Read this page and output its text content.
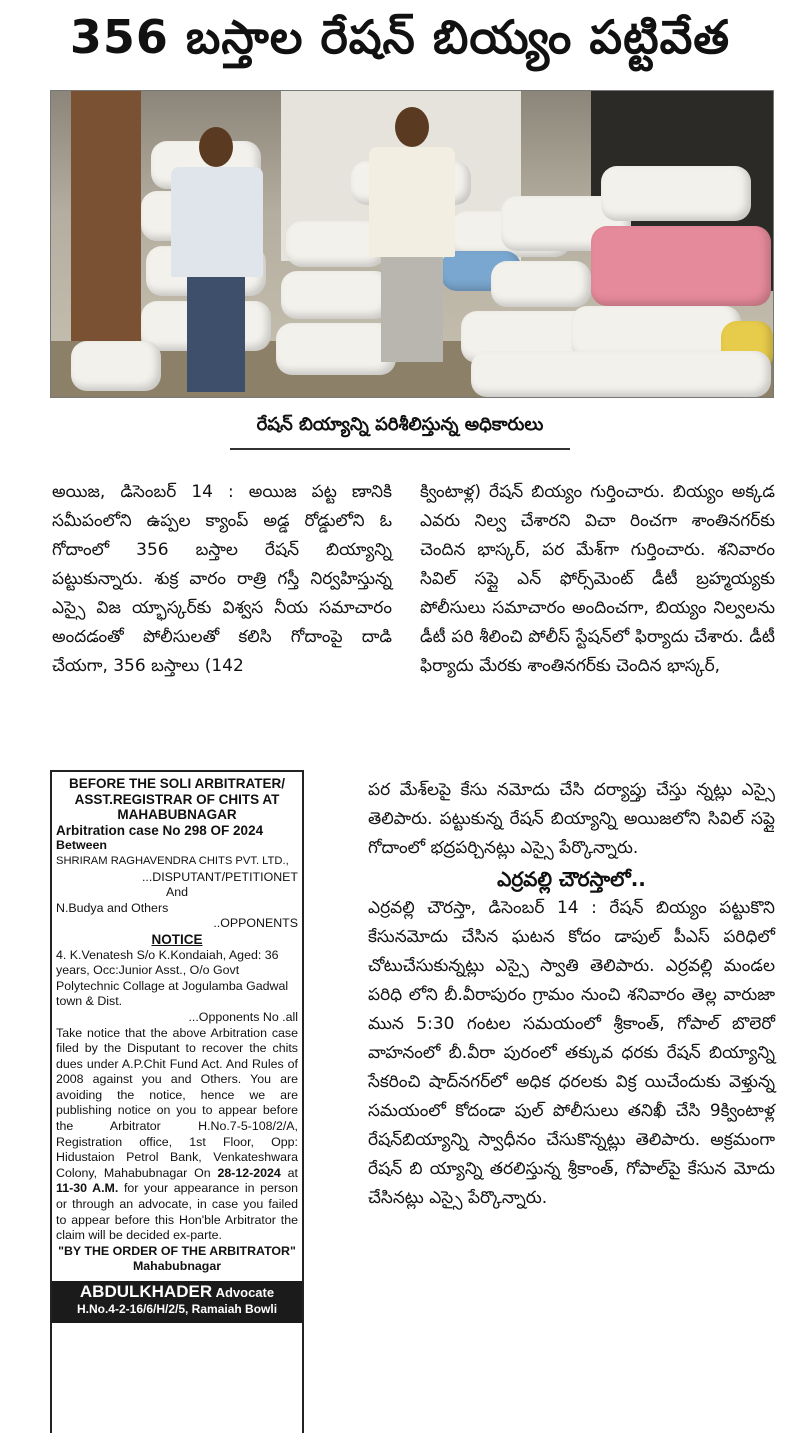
356 బస్తాల రేషన్ బియ్యం పట్టివేత
రేషన్ బియ్యాన్ని పరిశీలిస్తున్న అధికారులు

అయిజ, డిసెంబర్ 14 : అయిజ పట్ట ణానికి సమీపంలోని ఉప్పల క్యాంప్ అడ్డ రోడ్డులోని ఓ గోదాంలో 356 బస్తాల రేషన్ బియ్యాన్ని పట్టుకున్నారు. శుక్ర వారం రాత్రి గస్తీ నిర్వహిస్తున్న ఎస్సై విజ య్భాస్కర్‌కు విశ్వస నీయ సమాచారం అందడంతో పోలీసులతో కలిసి గోదాంపై దాడి చేయగా, 356 బస్తాలు (142

క్వింటాళ్ల) రేషన్ బియ్యం గుర్తించారు. బియ్యం అక్కడ ఎవరు నిల్వ చేశారని విచా రించగా శాంతినగర్‌కు చెందిన భాస్కర్, పర మేశ్‌గా గుర్తించారు. శనివారం సివిల్ సప్లై ఎన్ ఫోర్స్‌మెంట్ డీటీ బ్రహ్మయ్యకు పోలీసులు సమాచారం అందించగా, బియ్యం నిల్వలను డీటీ పరి శీలించి పోలీస్ స్టేషన్‌లో ఫిర్యాదు చేశారు. డీటీ ఫిర్యాదు మేరకు శాంతినగర్‌కు చెందిన భాస్కర్,

పర మేశ్‌లపై కేసు నమోదు చేసి దర్యాప్తు చేస్తు న్నట్లు ఎస్సై తెలిపారు. పట్టుకున్న రేషన్ బియ్యాన్ని అయిజలోని సివిల్ సప్లై గోదాంలో భద్రపర్చినట్లు ఎస్సై పేర్కొన్నారు.

ఎర్రవల్లి చౌరస్తాలో..

ఎర్రవల్లి చౌరస్తా, డిసెంబర్ 14 : రేషన్ బియ్యం పట్టుకొని కేసునమోదు చేసిన ఘటన కోదం డాపుల్ పీఎస్ పరిధిలో చోటుచేసుకున్నట్లు ఎస్సై స్వాతి తెలిపారు. ఎర్రవల్లి మండల పరిధి లోని బీ.వీరాపురం గ్రామం నుంచి శనివారం తెల్ల వారుజా మున 5:30 గంటల సమయంలో శ్రీకాంత్, గోపాల్ బొలెరో వాహనంలో బీ.వీరా పురంలో తక్కువ ధరకు రేషన్ బియ్యాన్ని సేకరించి షాద్‌నగర్‌లో అధిక ధరలకు విక్ర యిచేందుకు వెళ్తున్న సమయంలో కోదండా పుల్ పోలీసులు తనిఖీ చేసి 9క్వింటాళ్ల రేషన్‌బియ్యాన్ని స్వాధీనం చేసుకొన్నట్లు తెలిపారు. అక్రమంగా రేషన్ బి య్యాన్ని తరలిస్తున్న శ్రీకాంత్, గోపాల్‌పై కేసున మోదు చేసినట్లు ఎస్సై పేర్కొన్నారు.

BEFORE THE SOLI ARBITRATER/
ASST.REGISTRAR OF CHITS AT
MAHABUBNAGAR
Arbitration case No 298 OF 2024
Between
SHRIRAM RAGHAVENDRA CHITS PVT. LTD.,
...DISPUTANT/PETITIONET
And
N.Budya and Others
..OPPONENTS
NOTICE
4. K.Venatesh S/o K.Kondaiah, Aged: 36 years, Occ:Junior Asst., O/o Govt Polytechnic Collage at Jogulamba Gadwal town & Dist.
...Opponents No .all
Take notice that the above Arbitration case filed by the Disputant to recover the chits dues under A.P.Chit Fund Act. And Rules of 2008 against you and Others. You are avoiding the notice, hence we are publishing notice on you to appear before the Arbitrator H.No.7-5-108/2/A, Registration office, 1st Floor, Opp: Hidustaion Petrol Bank, Venkateshwara Colony, Mahabubnagar On 28-12-2024 at 11-30 A.M. for your appearance in person or through an advocate, in case you failed to appear before this Hon'ble Arbitrator the claim will be decided ex-parte.
"BY THE ORDER OF THE ARBITRATOR"
Mahabubnagar
ABDULKHADER Advocate
H.No.4-2-16/6/H/2/5, Ramaiah Bowli
